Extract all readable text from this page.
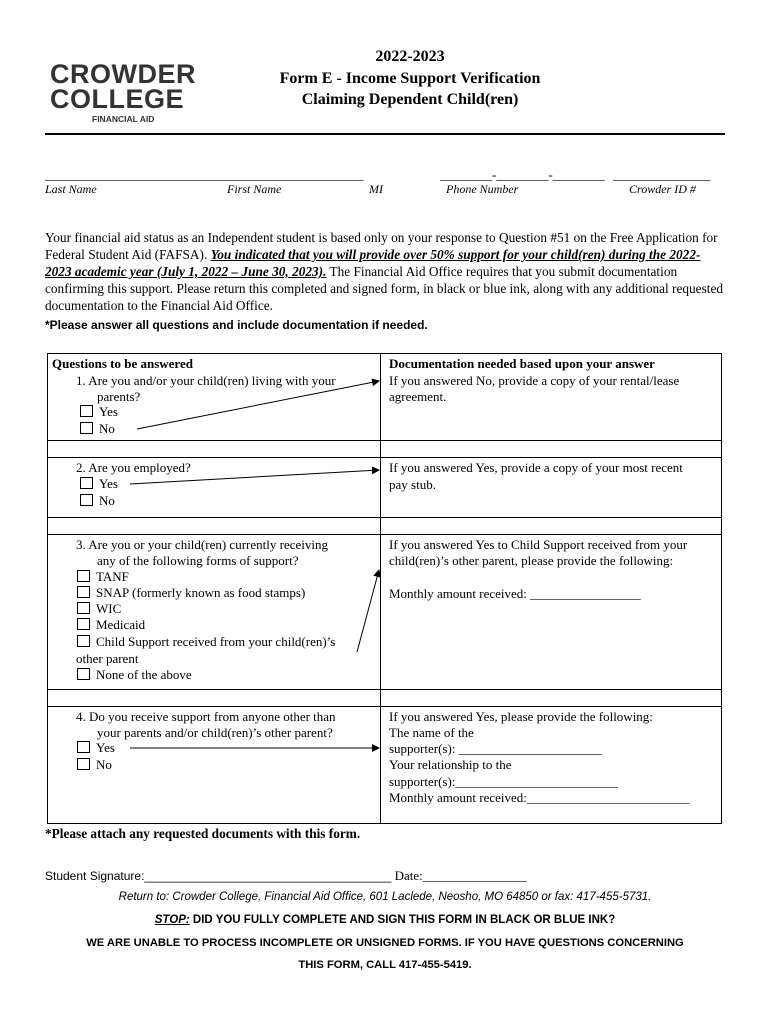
CROWDER
COLLEGE
FINANCIAL AID
2022-2023
Form E - Income Support Verification
Claiming Dependent Child(ren)
_________________________________________________	________-________-________ _______________
Last Name	First Name	MI	Phone Number	Crowder ID #
Your financial aid status as an Independent student is based only on your response to Question #51 on the Free Application for Federal Student Aid (FAFSA). You indicated that you will provide over 50% support for your child(ren) during the 2022-2023 academic year (July 1, 2022 – June 30, 2023). The Financial Aid Office requires that you submit documentation confirming this support. Please return this completed and signed form, in black or blue ink, along with any additional requested documentation to the Financial Aid Office.
*Please answer all questions and include documentation if needed.
Questions to be answered	Documentation needed based upon your answer
1. Are you and/or your child(ren) living with your
parents?
Yes
No
If you answered No, provide a copy of your rental/lease
agreement.
2. Are you employed?
Yes
No
If you answered Yes, provide a copy of your most recent
pay stub.
3. Are you or your child(ren) currently receiving
any of the following forms of support?
TANF
SNAP (formerly known as food stamps)
WIC
Medicaid
Child Support received from your child(ren)’s
other parent
None of the above
If you answered Yes to Child Support received from your
child(ren)’s other parent, please provide the following:
Monthly amount received: _________________
4. Do you receive support from anyone other than
your parents and/or child(ren)’s other parent?
Yes
No
If you answered Yes, please provide the following:
The name of the
supporter(s): ______________________
Your relationship to the
supporter(s):_________________________
Monthly amount received:_________________________
*Please attach any requested documents with this form.
Student Signature:_____________________________________ Date:________________
Return to: Crowder College, Financial Aid Office, 601 Laclede, Neosho, MO 64850 or fax: 417-455-5731.
STOP: DID YOU FULLY COMPLETE AND SIGN THIS FORM IN BLACK OR BLUE INK?
WE ARE UNABLE TO PROCESS INCOMPLETE OR UNSIGNED FORMS. IF YOU HAVE QUESTIONS CONCERNING
THIS FORM, CALL 417-455-5419.
